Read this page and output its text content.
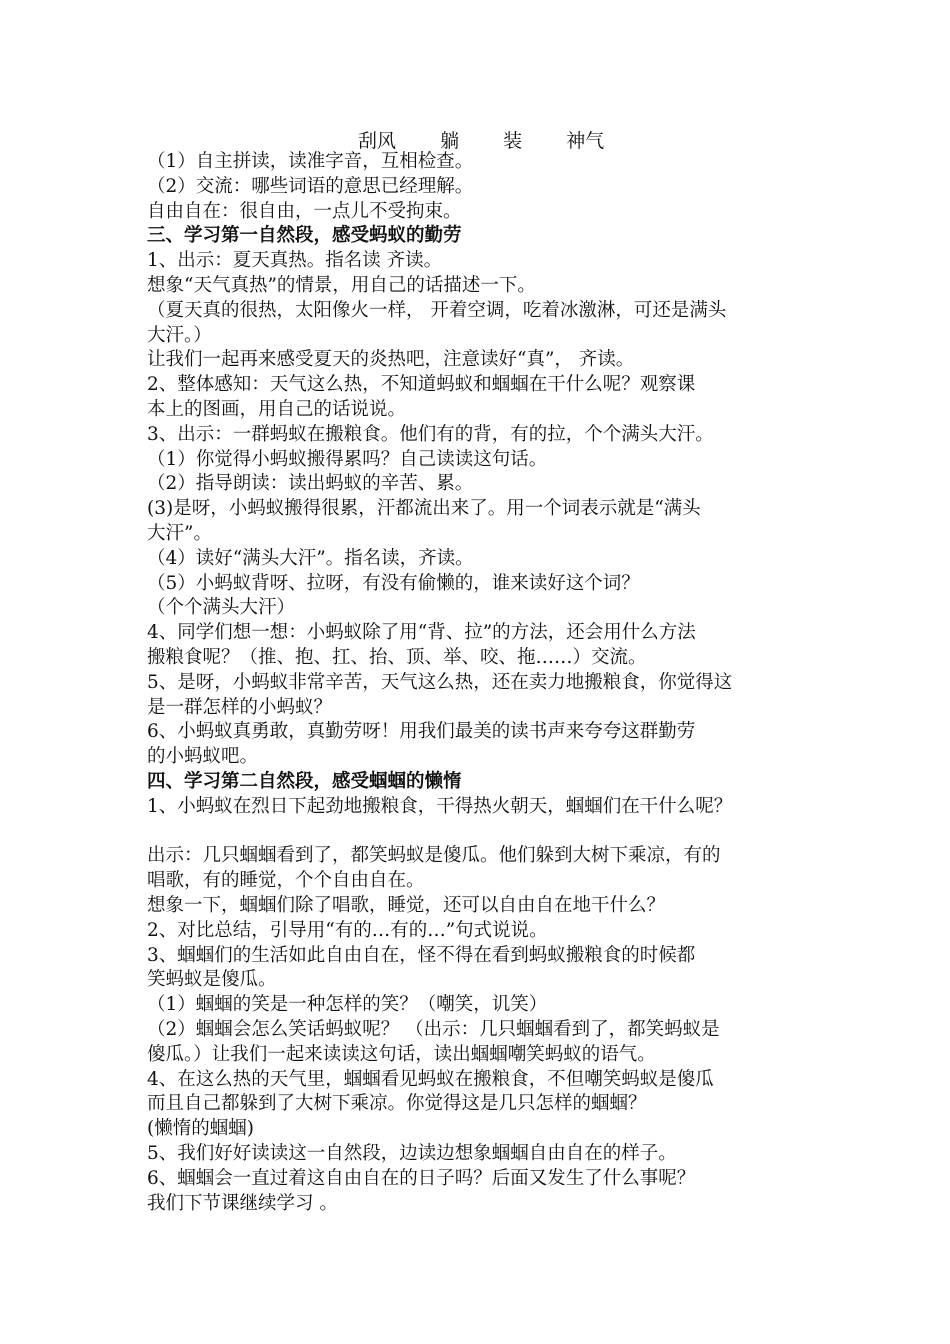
刮风 躺 装 神气
（1）自主拼读，读准字音，互相检查。
（2）交流：哪些词语的意思已经理解。
自由自在：很自由，一点儿不受拘束。
三、学习第一自然段，感受蚂蚁的勤劳
1、出示：夏天真热。指名读 齐读。
想象“天气真热”的情景，用自己的话描述一下。
（夏天真的很热，太阳像火一样， 开着空调，吃着冰激淋，可还是满头
大汗。）
让我们一起再来感受夏天的炎热吧，注意读好“真”， 齐读。
2、整体感知：天气这么热，不知道蚂蚁和蝈蝈在干什么呢？观察课
本上的图画，用自己的话说说。
3、出示：一群蚂蚁在搬粮食。他们有的背，有的拉，个个满头大汗。
（1）你觉得小蚂蚁搬得累吗？自己读读这句话。
（2）指导朗读：读出蚂蚁的辛苦、累。
(3)是呀，小蚂蚁搬得很累，汗都流出来了。用一个词表示就是“满头
大汗”。
（4）读好“满头大汗”。指名读，齐读。
（5）小蚂蚁背呀、拉呀，有没有偷懒的，谁来读好这个词？
（个个满头大汗）
4、同学们想一想：小蚂蚁除了用“背、拉”的方法，还会用什么方法
搬粮食呢？（推、抱、扛、抬、顶、举、咬、拖……）交流。
5、是呀，小蚂蚁非常辛苦，天气这么热，还在卖力地搬粮食，你觉得这
是一群怎样的小蚂蚁？
6、小蚂蚁真勇敢，真勤劳呀！用我们最美的读书声来夸夸这群勤劳
的小蚂蚁吧。
四、学习第二自然段，感受蝈蝈的懒惰
1、小蚂蚁在烈日下起劲地搬粮食，干得热火朝天，蝈蝈们在干什么呢？
出示：几只蝈蝈看到了，都笑蚂蚁是傻瓜。他们躲到大树下乘凉，有的
唱歌，有的睡觉，个个自由自在。
想象一下，蝈蝈们除了唱歌，睡觉，还可以自由自在地干什么？
2、对比总结，引导用“有的…有的…”句式说说。
3、蝈蝈们的生活如此自由自在，怪不得在看到蚂蚁搬粮食的时候都
笑蚂蚁是傻瓜。
（1）蝈蝈的笑是一种怎样的笑？（嘲笑，讥笑）
（2）蝈蝈会怎么笑话蚂蚁呢？ （出示：几只蝈蝈看到了，都笑蚂蚁是
傻瓜。）让我们一起来读读这句话，读出蝈蝈嘲笑蚂蚁的语气。
4、在这么热的天气里，蝈蝈看见蚂蚁在搬粮食，不但嘲笑蚂蚁是傻瓜
而且自己都躲到了大树下乘凉。你觉得这是几只怎样的蝈蝈？
(懒惰的蝈蝈)
5、我们好好读读这一自然段，边读边想象蝈蝈自由自在的样子。
6、蝈蝈会一直过着这自由自在的日子吗？后面又发生了什么事呢？
我们下节课继续学习 。
